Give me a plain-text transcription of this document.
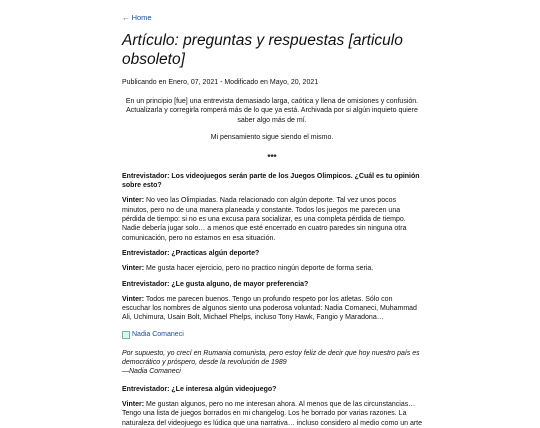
← Home
Artículo: preguntas y respuestas [articulo obsoleto]

Publicando en Enero, 07, 2021 - Modificado en Mayo, 20, 2021

En un principio [fue] una entrevista demasiado larga, caótica y llena de omisiones y confusión. Actualizarla y corregirla romperá más de lo que ya está. Archivada por si algún inquieto quiere saber algo más de mí.

Mi pensamiento sigue siendo el mismo.

***

Entrevistador: Los videojuegos serán parte de los Juegos Olimpicos. ¿Cuál es tu opinión sobre esto?

Vinter: No veo las Olimpiadas. Nada relacionado con algún deporte. Tal vez unos pocos minutos, pero no de una manera planeada y constante. Todos los juegos me parecen una pérdida de tiempo: si no es una excusa para socializar, es una completa pérdida de tiempo. Nadie debería jugar solo… a menos que esté encerrado en cuatro paredes sin ninguna otra comunicación, pero no estamos en esa situación.

Entrevistador: ¿Practicas algún deporte?

Vinter: Me gusta hacer ejercicio, pero no practico ningún deporte de forma seria.

Entrevistador: ¿Le gusta alguno, de mayor preferencia?

Vinter: Todos me parecen buenos. Tengo un profundo respeto por los atletas. Sólo con escuchar los nombres de algunos siento una poderosa voluntad: Nadia Comaneci, Muhammad Ali, Uchimura, Usain Bolt, Michael Phelps, incluso Tony Hawk, Fangio y Maradona…

Nadia Comaneci
Por supuesto, yo crecí en Rumania comunista, pero estoy feliz de decir que hoy nuestro país es democrático y próspero, desde la revolución de 1989
—Nadia Comaneci

Entrevistador: ¿Le interesa algún videojuego?

Vinter: Me gustan algunos, pero no me interesan ahora. Al menos que de las circunstancias… Tengo una lista de juegos borrados en mi changelog. Los he borrado por varias razones. La naturaleza del videojuego es lúdica que una narrativa… incluso considero al medio como un arte
